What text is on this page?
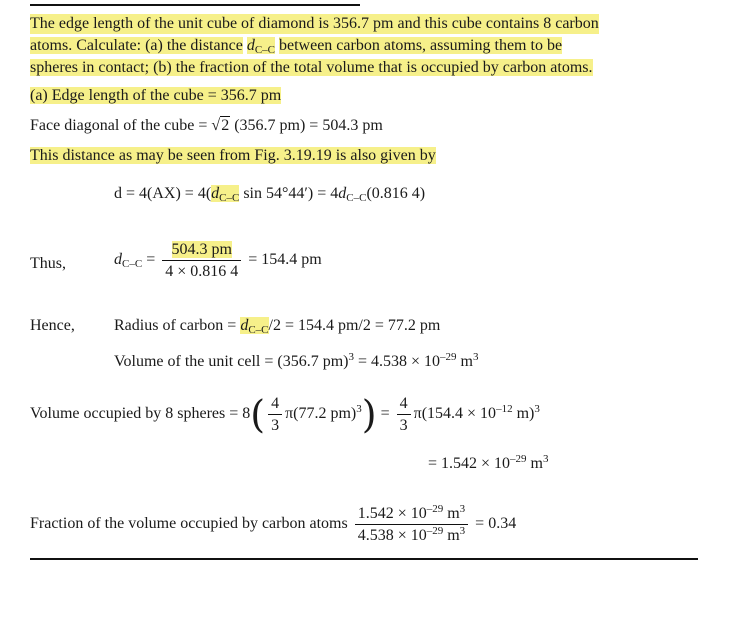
The edge length of the unit cube of diamond is 356.7 pm and this cube contains 8 carbon
atoms. Calculate: (a) the distance $d_{C-C}$ between carbon atoms, assuming them to be
spheres in contact; (b) the fraction of the total volume that is occupied by carbon atoms.
(a) Edge length of the cube = 356.7 pm
Face diagonal of the cube = √2 (356.7 pm) = 504.3 pm
This distance as may be seen from Fig. 3.19.19 is also given by
$d = 4(AX) = 4(d_{C-C}$ $\sin 54^\circ 44') = 4d_{C-C}(0.816$ 4)
Thus,	$d_{C-C} = \frac{504.3 pm}{4 \times 0.816 4} = 154.4$ pm
Hence, Radius of carbon = $d_{C-C}/2 = 154.4$ pm/2 = 77.2 pm
Volume of the unit cell = (356.7 $pm)^3 = 4.538 \times 10^{-29}$ $m^3$
Volume occupied by 8 spheres = $8( \frac{4}{3} \pi(77.2$ $pm)^3) = \frac{4}{3} \pi(154.4 \times 10^{-12}$ m)$^3$
= $1.542 \times 10^{-29}$ $m^3$
Fraction of the volume occupied by carbon atoms $\frac{1.542 \times 10^{-29} m^3}{4.538 \times 10^{-29} m^3} = 0.34$
